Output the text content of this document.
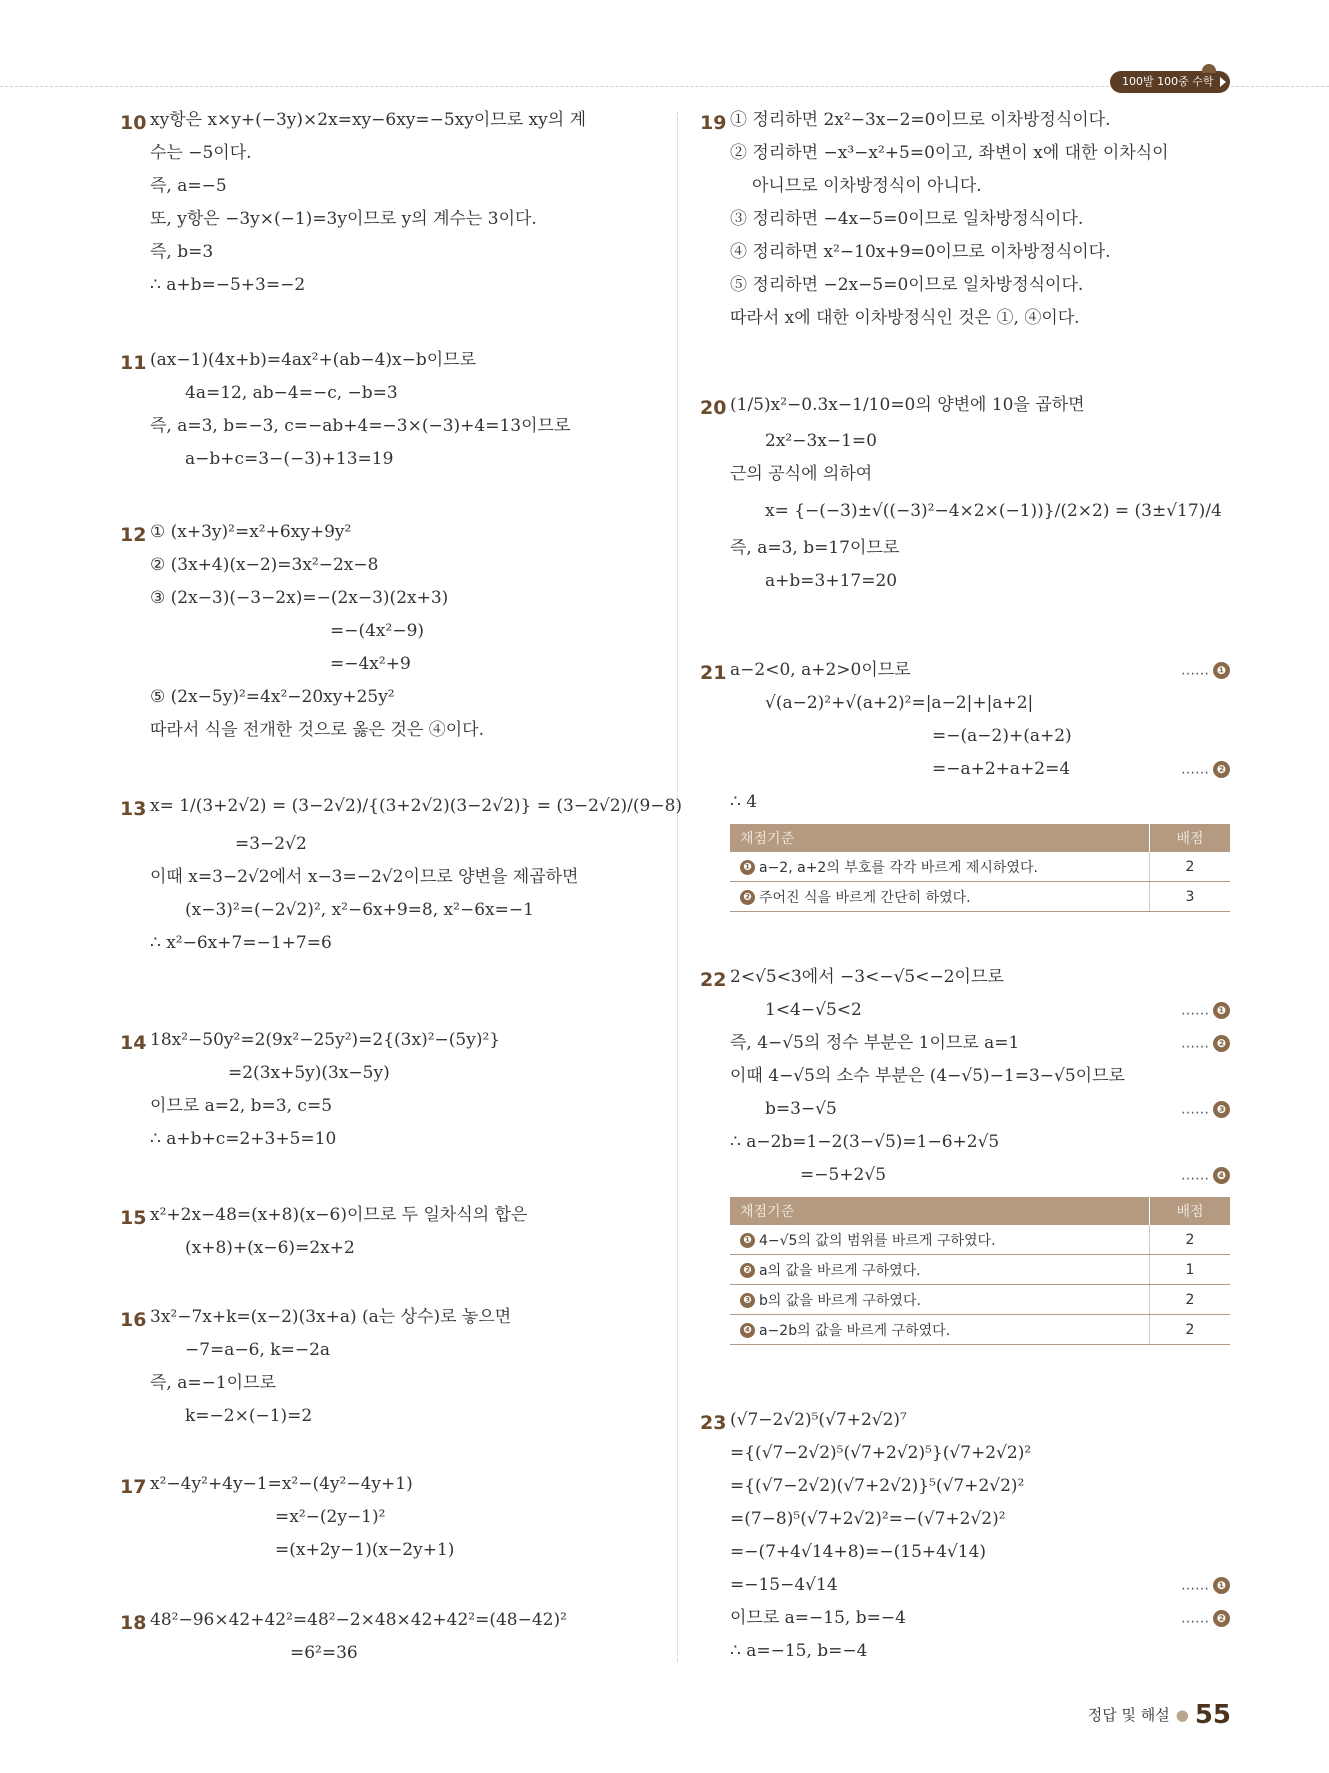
100발 100중 수학
10 xy항은 x×y+(−3y)×2x=xy−6xy=−5xy이므로 xy의 계
수는 −5이다.
즉, a=−5
또, y항은 −3y×(−1)=3y이므로 y의 계수는 3이다.
즉, b=3
∴ a+b=−5+3=−2
11 (ax−1)(4x+b)=4ax²+(ab−4)x−b이므로
4a=12, ab−4=−c, −b=3
즉, a=3, b=−3, c=−ab+4=−3×(−3)+4=13이므로
a−b+c=3−(−3)+13=19
12 ① (x+3y)²=x²+6xy+9y²
② (3x+4)(x−2)=3x²−2x−8
③ (2x−3)(−3−2x)=−(2x−3)(2x+3)
=−(4x²−9)
=−4x²+9
⑤ (2x−5y)²=4x²−20xy+25y²
따라서 식을 전개한 것으로 옳은 것은 ④이다.
13 x= 1/(3+2√2) = (3−2√2)/{(3+2√2)(3−2√2)} = (3−2√2)/(9−8)
=3−2√2
이때 x=3−2√2에서 x−3=−2√2이므로 양변을 제곱하면
(x−3)²=(−2√2)², x²−6x+9=8, x²−6x=−1
∴ x²−6x+7=−1+7=6
14 18x²−50y²=2(9x²−25y²)=2{(3x)²−(5y)²}
=2(3x+5y)(3x−5y)
이므로 a=2, b=3, c=5
∴ a+b+c=2+3+5=10
15 x²+2x−48=(x+8)(x−6)이므로 두 일차식의 합은
(x+8)+(x−6)=2x+2
16 3x²−7x+k=(x−2)(3x+a) (a는 상수)로 놓으면
−7=a−6, k=−2a
즉, a=−1이므로
k=−2×(−1)=2
17 x²−4y²+4y−1=x²−(4y²−4y+1)
=x²−(2y−1)²
=(x+2y−1)(x−2y+1)
18 48²−96×42+42²=48²−2×48×42+42²=(48−42)²
=6²=36
19 ① 정리하면 2x²−3x−2=0이므로 이차방정식이다.
② 정리하면 −x³−x²+5=0이고, 좌변이 x에 대한 이차식이
아니므로 이차방정식이 아니다.
③ 정리하면 −4x−5=0이므로 일차방정식이다.
④ 정리하면 x²−10x+9=0이므로 이차방정식이다.
⑤ 정리하면 −2x−5=0이므로 일차방정식이다.
따라서 x에 대한 이차방정식인 것은 ①, ④이다.
20 (1/5)x²−0.3x−1/10=0의 양변에 10을 곱하면
2x²−3x−1=0
근의 공식에 의하여
x= {−(−3)±√((−3)²−4×2×(−1))}/(2×2) = (3±√17)/4
즉, a=3, b=17이므로
a+b=3+17=20
21 a−2<0, a+2>0이므로	…… ❶
√(a−2)²+√(a+2)²=|a−2|+|a+2|
=−(a−2)+(a+2)
=−a+2+a+2=4	…… ❷
∴ 4
채점기준	배점
❶ a−2, a+2의 부호를 각각 바르게 제시하였다.	2
❷ 주어진 식을 바르게 간단히 하였다.	3
22 2<√5<3에서 −3<−√5<−2이므로
1<4−√5<2	…… ❶
즉, 4−√5의 정수 부분은 1이므로 a=1	…… ❷
이때 4−√5의 소수 부분은 (4−√5)−1=3−√5이므로
b=3−√5	…… ❸
∴ a−2b=1−2(3−√5)=1−6+2√5
=−5+2√5	…… ❹
채점기준	배점
❶ 4−√5의 값의 범위를 바르게 구하였다.	2
❷ a의 값을 바르게 구하였다.	1
❸ b의 값을 바르게 구하였다.	2
❹ a−2b의 값을 바르게 구하였다.	2
23 (√7−2√2)⁵(√7+2√2)⁷
={(√7−2√2)⁵(√7+2√2)⁵}(√7+2√2)²
={(√7−2√2)(√7+2√2)}⁵(√7+2√2)²
=(7−8)⁵(√7+2√2)²=−(√7+2√2)²
=−(7+4√14+8)=−(15+4√14)
=−15−4√14	…… ❶
이므로 a=−15, b=−4	…… ❷
∴ a=−15, b=−4
정답 및 해설 ● 55
